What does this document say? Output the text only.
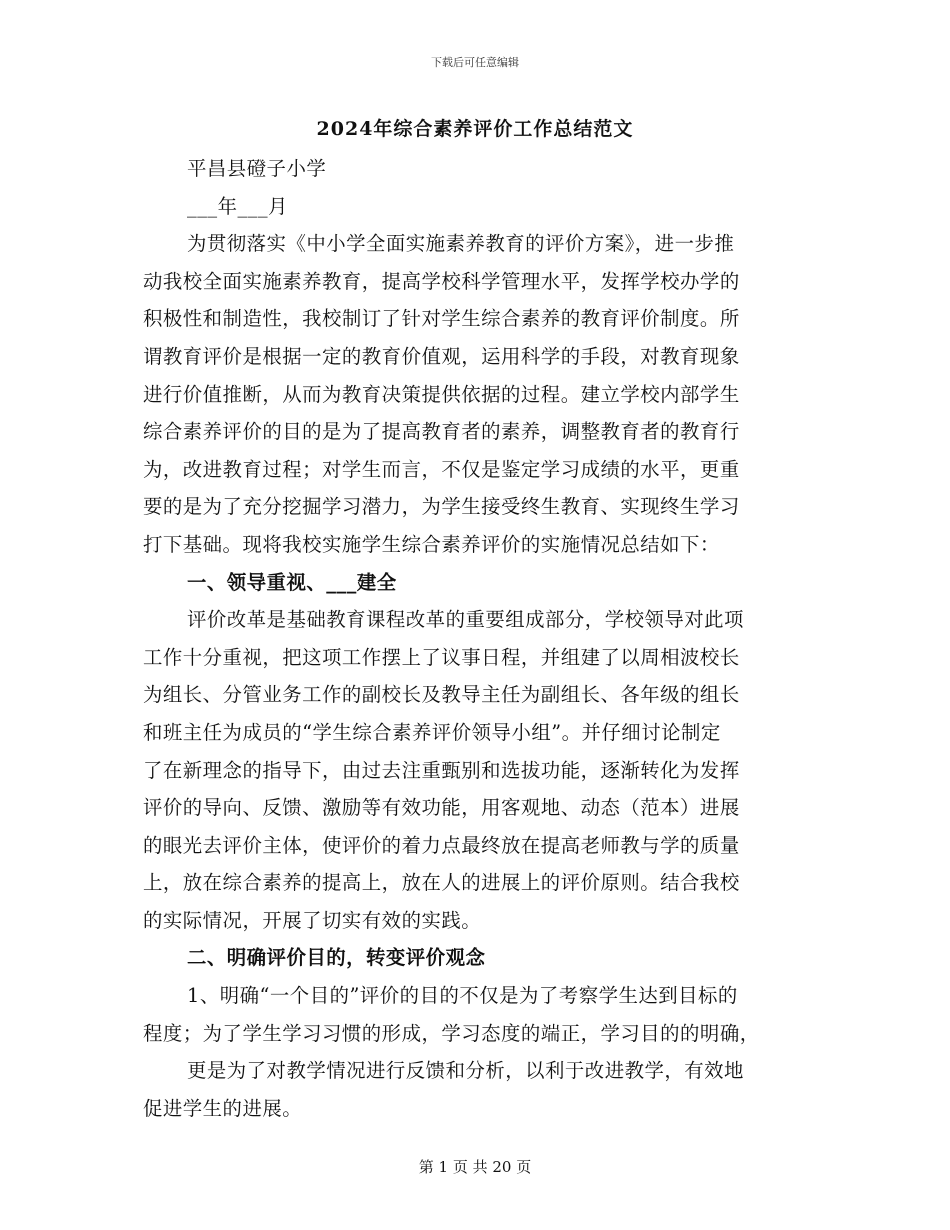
下载后可任意编辑
2024年综合素养评价工作总结范文
平昌县磴子小学
___年___月
为贯彻落实《中小学全面实施素养教育的评价方案》，进一步推
动我校全面实施素养教育，提高学校科学管理水平，发挥学校办学的
积极性和制造性，我校制订了针对学生综合素养的教育评价制度。所
谓教育评价是根据一定的教育价值观，运用科学的手段，对教育现象
进行价值推断，从而为教育决策提供依据的过程。建立学校内部学生
综合素养评价的目的是为了提高教育者的素养，调整教育者的教育行
为，改进教育过程；对学生而言，不仅是鉴定学习成绩的水平，更重
要的是为了充分挖掘学习潜力，为学生接受终生教育、实现终生学习
打下基础。现将我校实施学生综合素养评价的实施情况总结如下：
一、领导重视、___建全
评价改革是基础教育课程改革的重要组成部分，学校领导对此项
工作十分重视，把这项工作摆上了议事日程，并组建了以周相波校长
为组长、分管业务工作的副校长及教导主任为副组长、各年级的组长
和班主任为成员的“学生综合素养评价领导小组”。并仔细讨论制定
了在新理念的指导下，由过去注重甄别和选拔功能，逐渐转化为发挥
评价的导向、反馈、激励等有效功能，用客观地、动态（范本）进展
的眼光去评价主体，使评价的着力点最终放在提高老师教与学的质量
上，放在综合素养的提高上，放在人的进展上的评价原则。结合我校
的实际情况，开展了切实有效的实践。
二、明确评价目的，转变评价观念
1、明确“一个目的”评价的目的不仅是为了考察学生达到目标的
程度；为了学生学习习惯的形成，学习态度的端正，学习目的的明确，
更是为了对教学情况进行反馈和分析，以利于改进教学，有效地
促进学生的进展。
第 1 页 共 20 页
